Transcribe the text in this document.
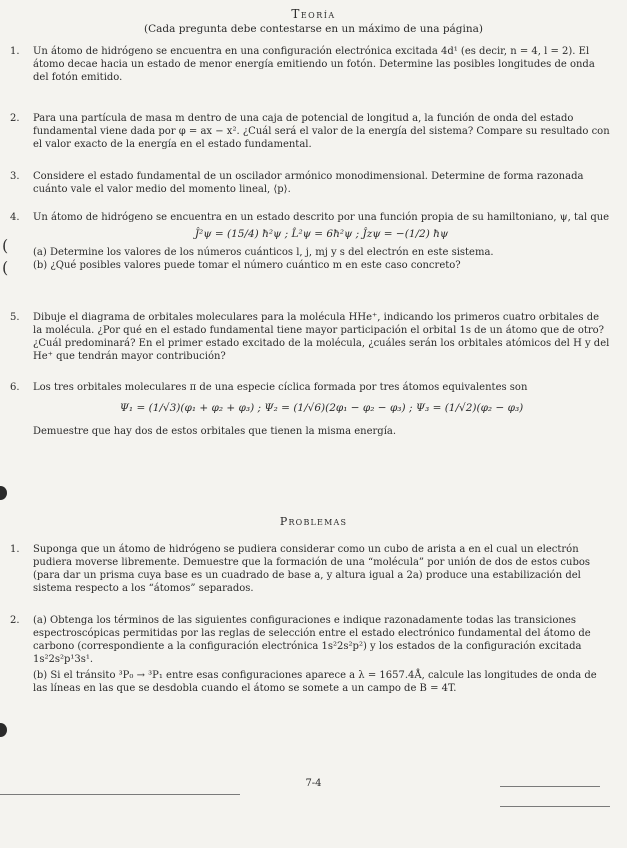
Teoría
(Cada pregunta debe contestarse en un máximo de una página)
1.	Un átomo de hidrógeno se encuentra en una configuración electrónica excitada 4d¹ (es decir, n = 4, l = 2). El átomo decae hacia un estado de menor energía emitiendo un fotón. Determine las posibles longitudes de onda del fotón emitido.
2.	Para una partícula de masa m dentro de una caja de potencial de longitud a, la función de onda del estado fundamental viene dada por φ = ax − x². ¿Cuál será el valor de la energía del sistema? Compare su resultado con el valor exacto de la energía en el estado fundamental.
3.	Considere el estado fundamental de un oscilador armónico monodimensional. Determine de forma razonada cuánto vale el valor medio del momento lineal, ⟨p⟩.
4.	Un átomo de hidrógeno se encuentra en un estado descrito por una función propia de su hamiltoniano, ψ, tal que
Ĵ²ψ = (15/4) ħ²ψ ; L̂²ψ = 6ħ²ψ ; Ĵzψ = −(1/2) ħψ
(a) Determine los valores de los números cuánticos l, j, mj y s del electrón en este sistema.
(b) ¿Qué posibles valores puede tomar el número cuántico m en este caso concreto?
5.	Dibuje el diagrama de orbitales moleculares para la molécula HHe⁺, indicando los primeros cuatro orbitales de la molécula. ¿Por qué en el estado fundamental tiene mayor participación el orbital 1s de un átomo que de otro? ¿Cuál predominará? En el primer estado excitado de la molécula, ¿cuáles serán los orbitales atómicos del H y del He⁺ que tendrán mayor contribución?
6.	Los tres orbitales moleculares π de una especie cíclica formada por tres átomos equivalentes son
Ψ₁ = (1/√3)(φ₁ + φ₂ + φ₃) ; Ψ₂ = (1/√6)(2φ₁ − φ₂ − φ₃) ; Ψ₃ = (1/√2)(φ₂ − φ₃)
Demuestre que hay dos de estos orbitales que tienen la misma energía.
Problemas
1.	Suponga que un átomo de hidrógeno se pudiera considerar como un cubo de arista a en el cual un electrón pudiera moverse libremente. Demuestre que la formación de una “molécula” por unión de dos de estos cubos (para dar un prisma cuya base es un cuadrado de base a, y altura igual a 2a) produce una estabilización del sistema respecto a los “átomos” separados.
2.	(a) Obtenga los términos de las siguientes configuraciones e indique razonadamente todas las transiciones espectroscópicas permitidas por las reglas de selección entre el estado electrónico fundamental del átomo de carbono (correspondiente a la configuración electrónica 1s²2s²p²) y los estados de la configuración excitada 1s²2s²p¹3s¹.
(b) Si el tránsito ³P₀ → ³P₁ entre esas configuraciones aparece a λ = 1657.4Å, calcule las longitudes de onda de las líneas en las que se desdobla cuando el átomo se somete a un campo de B = 4T.
7-4
(
(
